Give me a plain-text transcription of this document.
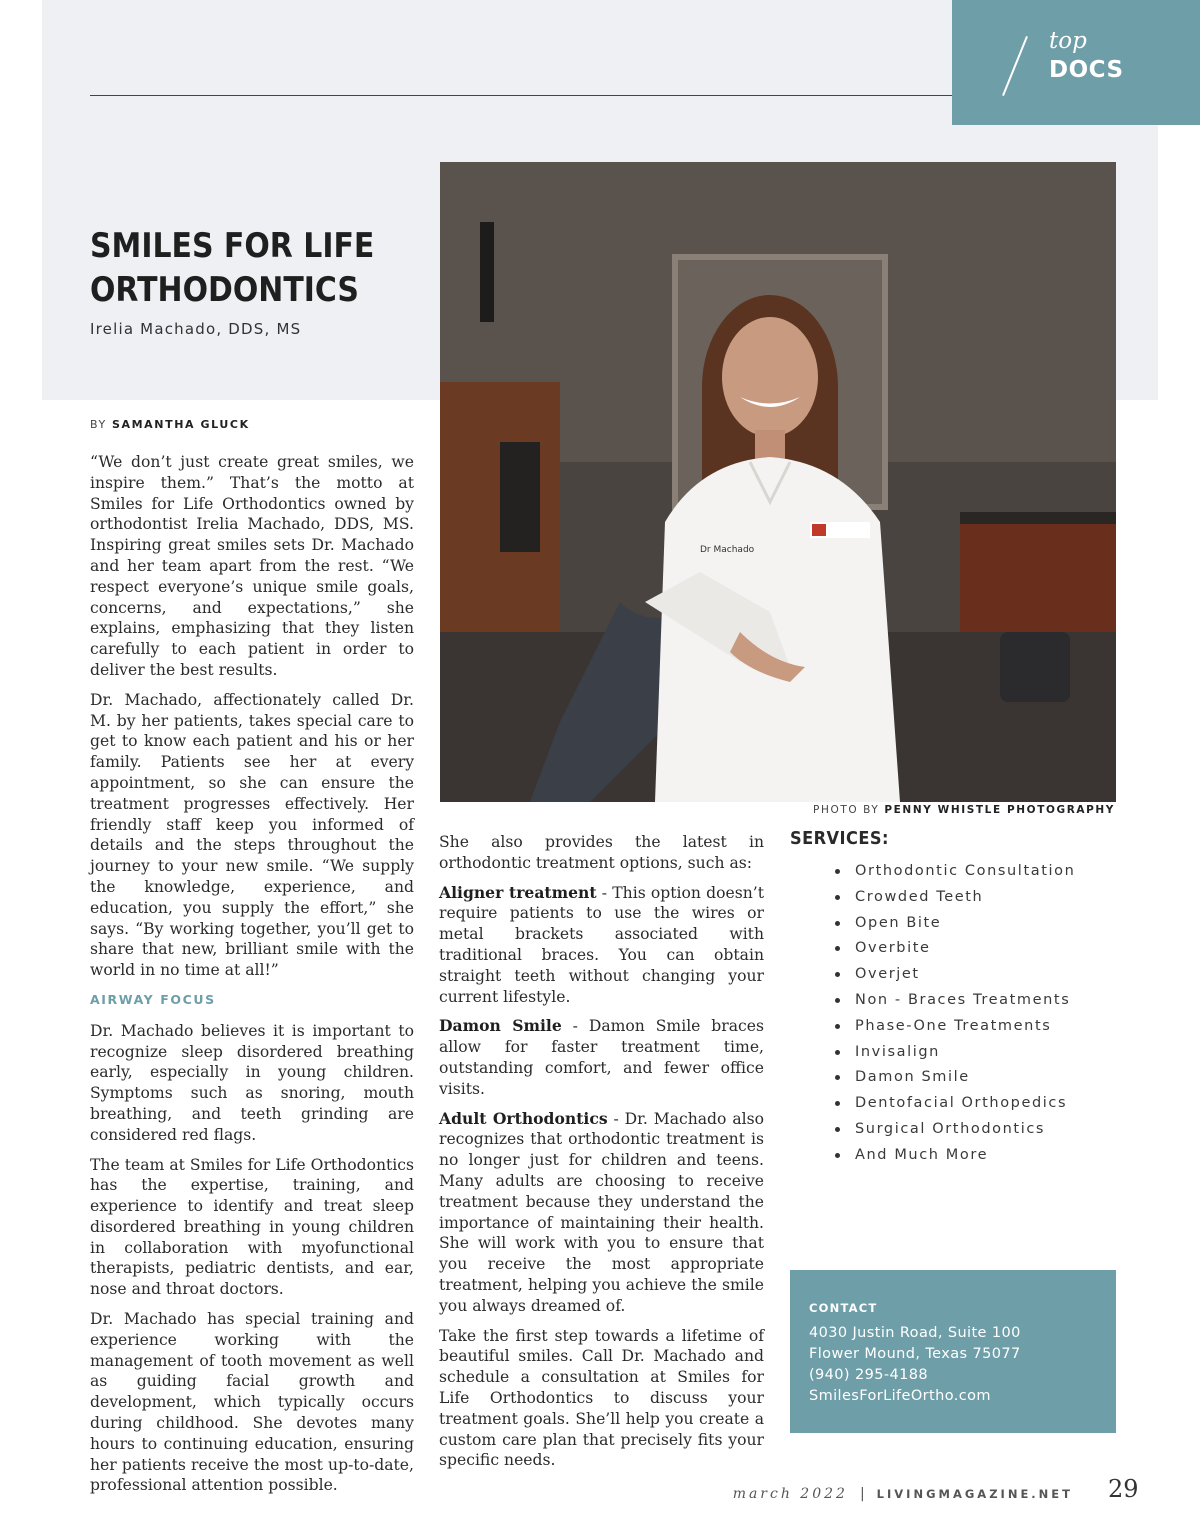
top
DOCS
SMILES FOR LIFE
ORTHODONTICS
Irelia Machado, DDS, MS
BY SAMANTHA GLUCK
Dr Machado
PHOTO BY PENNY WHISTLE PHOTOGRAPHY

“We don’t just create great smiles, we inspire them.” That’s the motto at Smiles for Life Orthodontics owned by orthodontist Irelia Machado, DDS, MS. Inspiring great smiles sets Dr. Machado and her team apart from the rest. “We respect everyone’s unique smile goals, concerns, and expectations,” she explains, emphasizing that they listen carefully to each patient in order to deliver the best results.

Dr. Machado, affectionately called Dr. M. by her patients, takes special care to get to know each patient and his or her family. Patients see her at every appointment, so she can ensure the treatment progresses effectively. Her friendly staff keep you informed of details and the steps throughout the journey to your new smile. “We supply the knowledge, experience, and education, you supply the effort,” she says. “By working together, you’ll get to share that new, brilliant smile with the world in no time at all!”

AIRWAY FOCUS

Dr. Machado believes it is important to recognize sleep disordered breathing early, especially in young children. Symptoms such as snoring, mouth breathing, and teeth grinding are considered red flags.

The team at Smiles for Life Orthodontics has the expertise, training, and experience to identify and treat sleep disordered breathing in young children in collaboration with myofunctional therapists, pediatric dentists, and ear, nose and throat doctors.

Dr. Machado has special training and experience working with the management of tooth movement as well as guiding facial growth and development, which typically occurs during childhood. She devotes many hours to continuing education, ensuring her patients receive the most up-to-date, professional attention possible.

She also provides the latest in orthodontic treatment options, such as:

Aligner treatment - This option doesn’t require patients to use the wires or metal brackets associated with traditional braces. You can obtain straight teeth without changing your current lifestyle.

Damon Smile - Damon Smile braces allow for faster treatment time, outstanding comfort, and fewer office visits.

Adult Orthodontics - Dr. Machado also recognizes that orthodontic treatment is no longer just for children and teens. Many adults are choosing to receive treatment because they understand the importance of maintaining their health. She will work with you to ensure that you receive the most appropriate treatment, helping you achieve the smile you always dreamed of.

Take the first step towards a lifetime of beautiful smiles. Call Dr. Machado and schedule a consultation at Smiles for Life Orthodontics to discuss your treatment goals. She’ll help you create a custom care plan that precisely fits your specific needs.

SERVICES:
Orthodontic Consultation
Crowded Teeth
Open Bite
Overbite
Overjet
Non - Braces Treatments
Phase-One Treatments
Invisalign
Damon Smile
Dentofacial Orthopedics
Surgical Orthodontics
And Much More
CONTACT
4030 Justin Road, Suite 100
Flower Mound, Texas 75077
(940) 295-4188
SmilesForLifeOrtho.com
march 2022 | LIVINGMAGAZINE.NET 29
